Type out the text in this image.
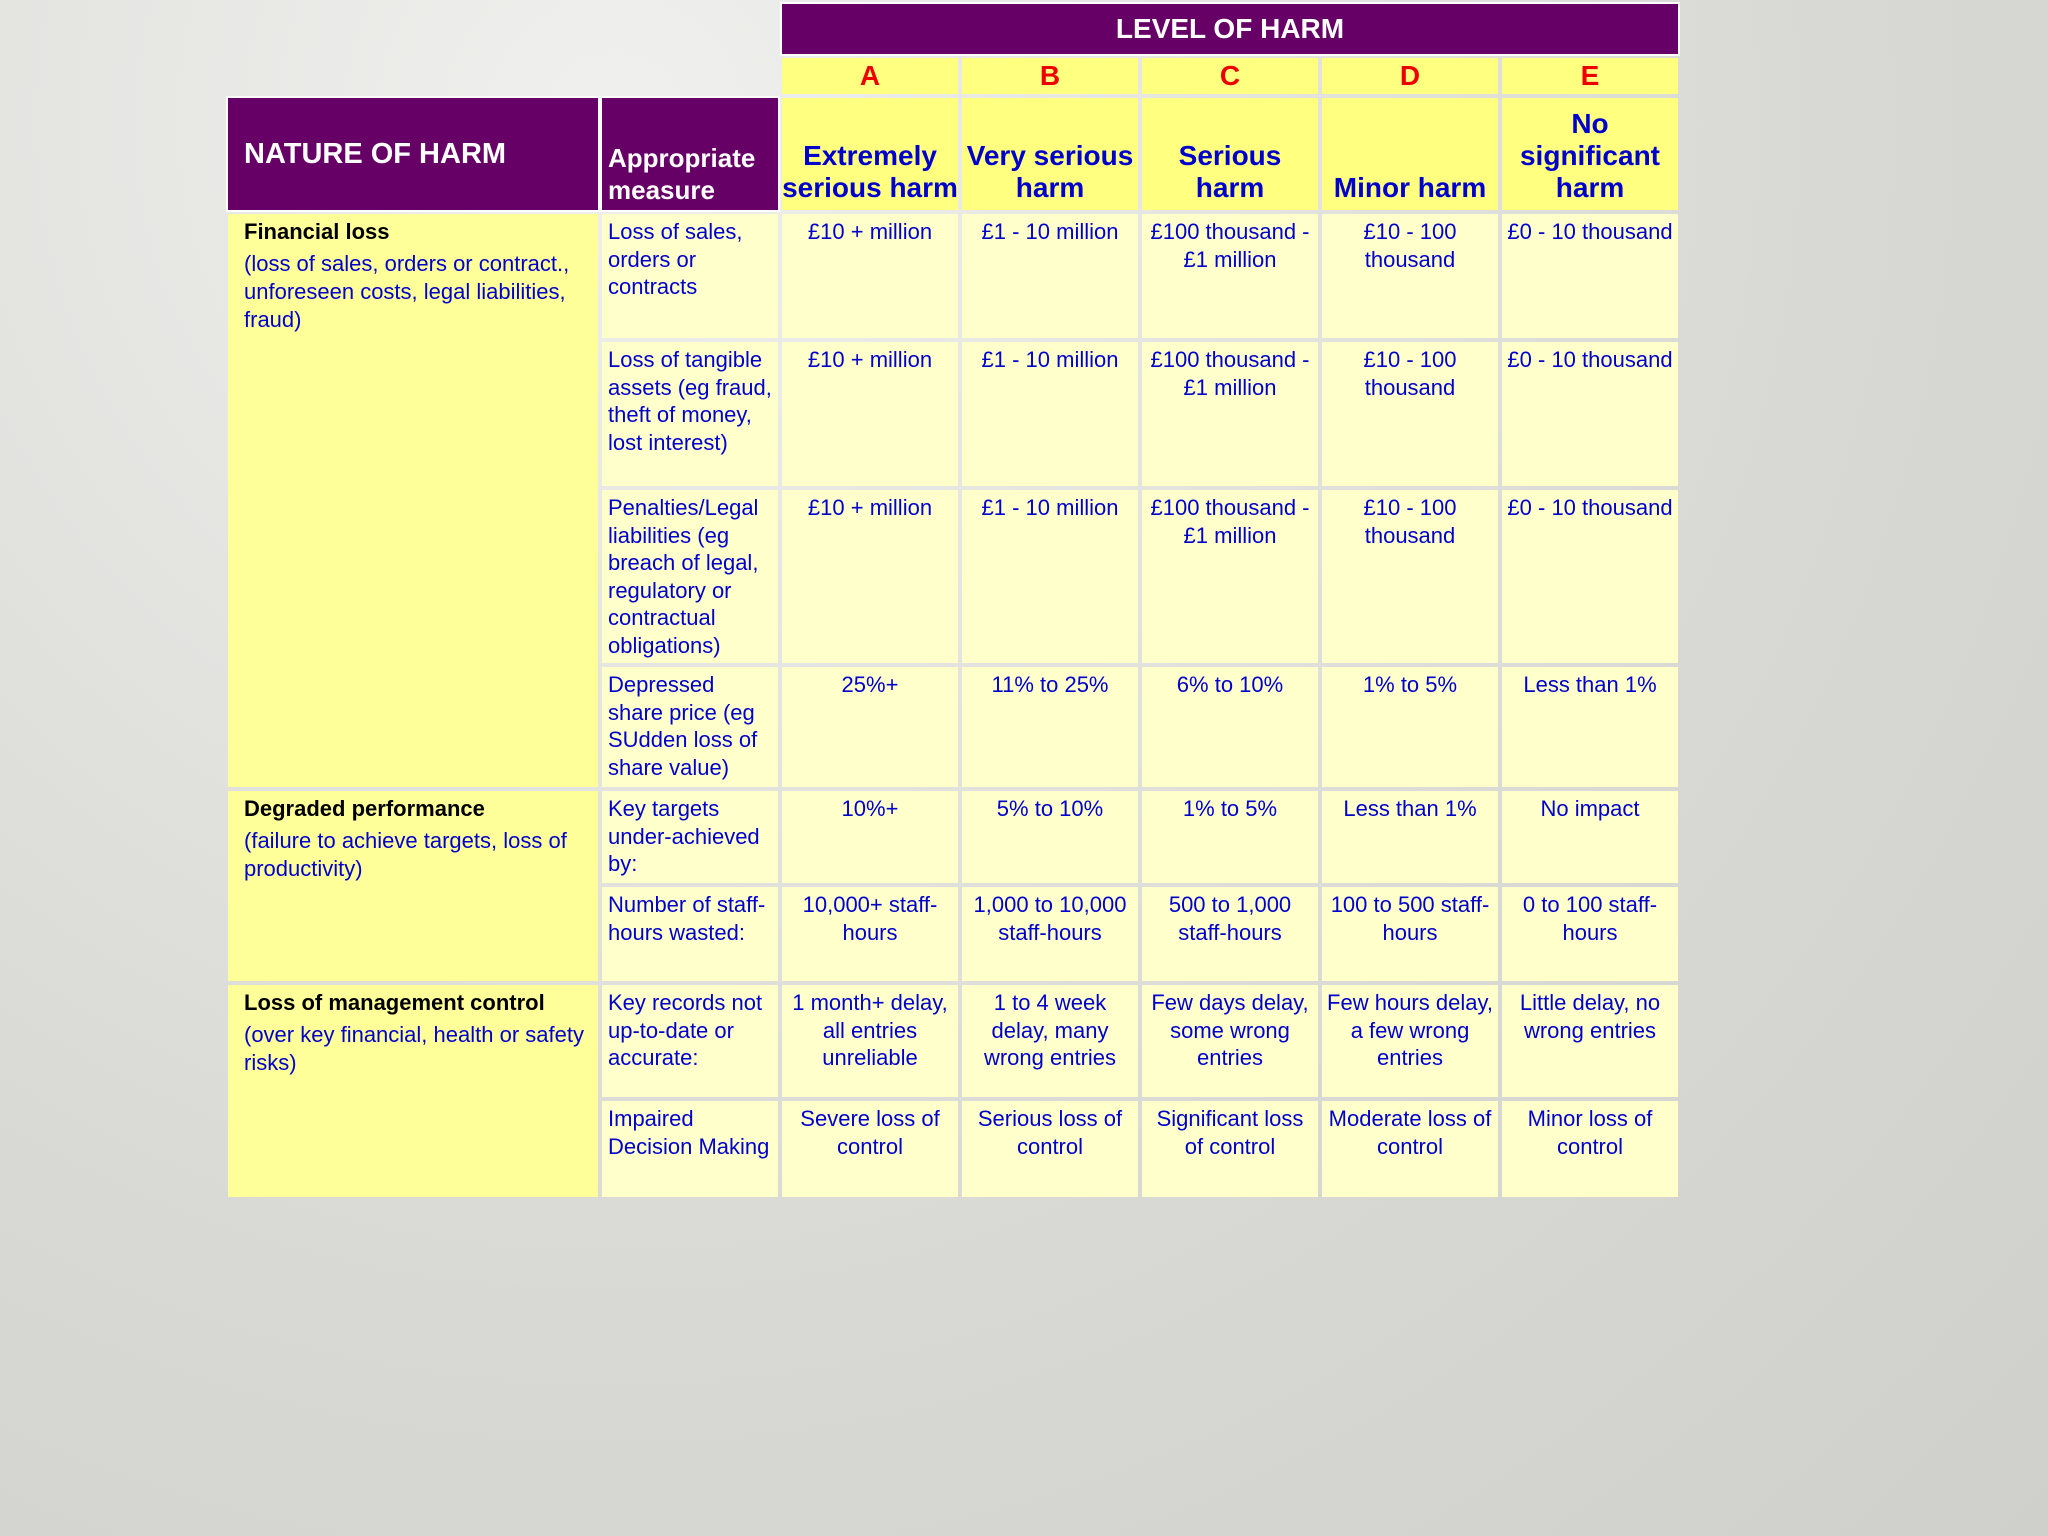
		LEVEL OF HARM				
		A	B	C	D	E
NATURE OF HARM	Appropriate measure	Extremely serious harm	Very serious harm	Serious harm	Minor harm	No significant harm

Financial loss
(loss of sales, orders or contract., unforeseen costs, legal liabilities, fraud)	Loss of sales, orders or contracts	£10 + million	£1 - 10 million	£100 thousand - £1 million	£10 - 100 thousand	£0 - 10 thousand
	Loss of tangible assets (eg fraud, theft of money, lost interest)	£10 + million	£1 - 10 million	£100 thousand - £1 million	£10 - 100 thousand	£0 - 10 thousand
	Penalties/Legal liabilities (eg breach of legal, regulatory or contractual obligations)	£10 + million	£1 - 10 million	£100 thousand - £1 million	£10 - 100 thousand	£0 - 10 thousand
	Depressed share price (eg SUdden loss of share value)	25%+	11% to 25%	6% to 10%	1% to 5%	Less than 1%

Degraded performance
(failure to achieve targets, loss of productivity)	Key targets under-achieved by:	10%+	5% to 10%	1% to 5%	Less than 1%	No impact
	Number of staff-hours wasted:	10,000+ staff-hours	1,000 to 10,000 staff-hours	500 to 1,000 staff-hours	100 to 500 staff-hours	0 to 100 staff-hours

Loss of management control
(over key financial, health or safety risks)	Key records not up-to-date or accurate:	1 month+ delay, all entries unreliable	1 to 4 week delay, many wrong entries	Few days delay, some wrong entries	Few hours delay, a few wrong entries	Little delay, no wrong entries
	Impaired Decision Making	Severe loss of control	Serious loss of control	Significant loss of control	Moderate loss of control	Minor loss of control
